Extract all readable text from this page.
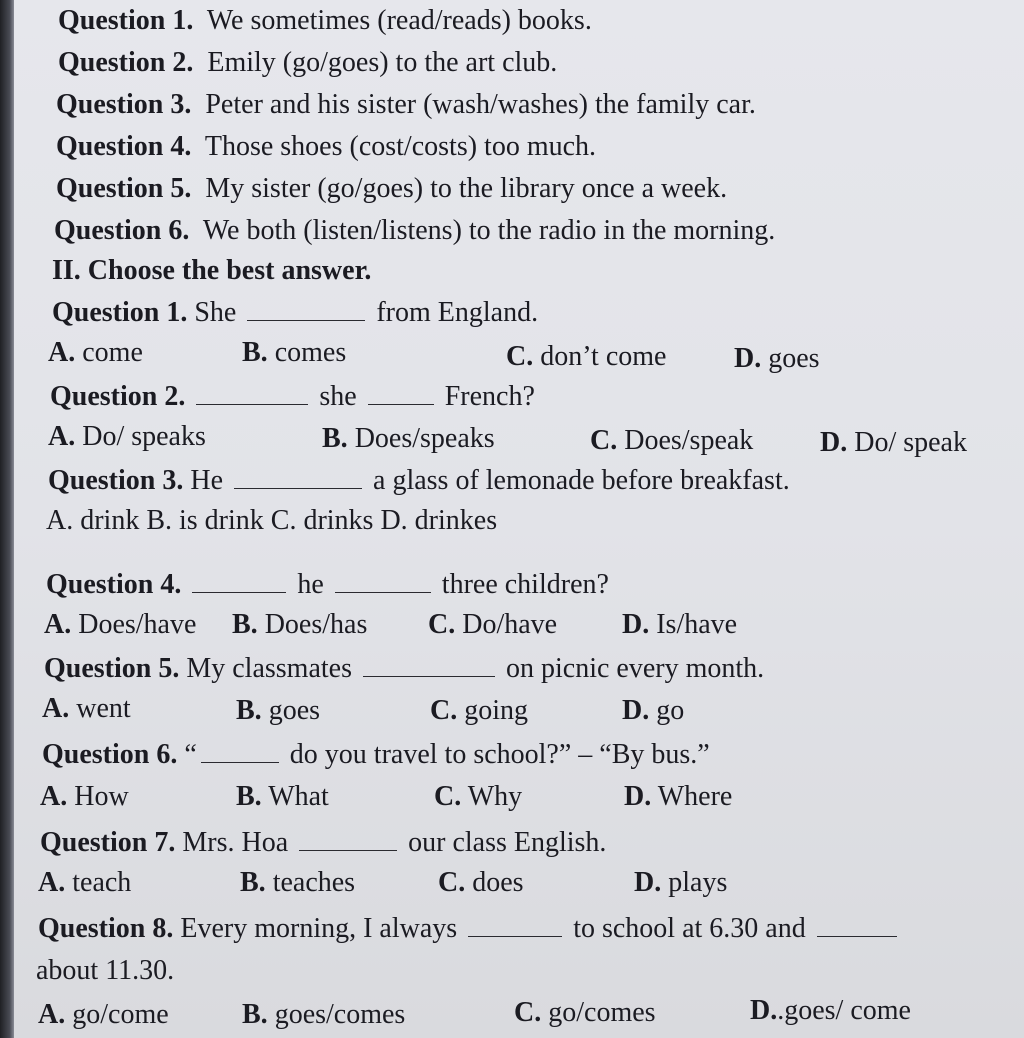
Question 1. We sometimes (read/reads) books.
Question 2. Emily (go/goes) to the art club.
Question 3. Peter and his sister (wash/washes) the family car.
Question 4. Those shoes (cost/costs) too much.
Question 5. My sister (go/goes) to the library once a week.
Question 6. We both (listen/listens) to the radio in the morning.
II. Choose the best answer.
Question 1. She	from England.
A. come	B. comes	C. don’t come D. goes
Question 2.	she	French?
A. Do/ speaks	B. Does/speaks	C. Does/speak D. Do/ speak
Question 3. He	a glass of lemonade before breakfast.
A. drink B. is drink C. drinks D. drinkes
Question 4.	he	three children?
A. Does/have B. Does/has C. Do/have D. Is/have
Question 5. My classmates	on picnic every month.
A. went	B. goes	C. going	D. go
Question 6. “	do you travel to school?” – “By bus.”
A. How	B. What	C. Why	D. Where
Question 7. Mrs. Hoa	our class English.
A. teach	B. teaches	C. does	D. plays
Question 8. Every morning, I always	to school at 6.30 and
about 11.30.
A. go/come	B. goes/comes	C. go/comes	D..goes/ come
